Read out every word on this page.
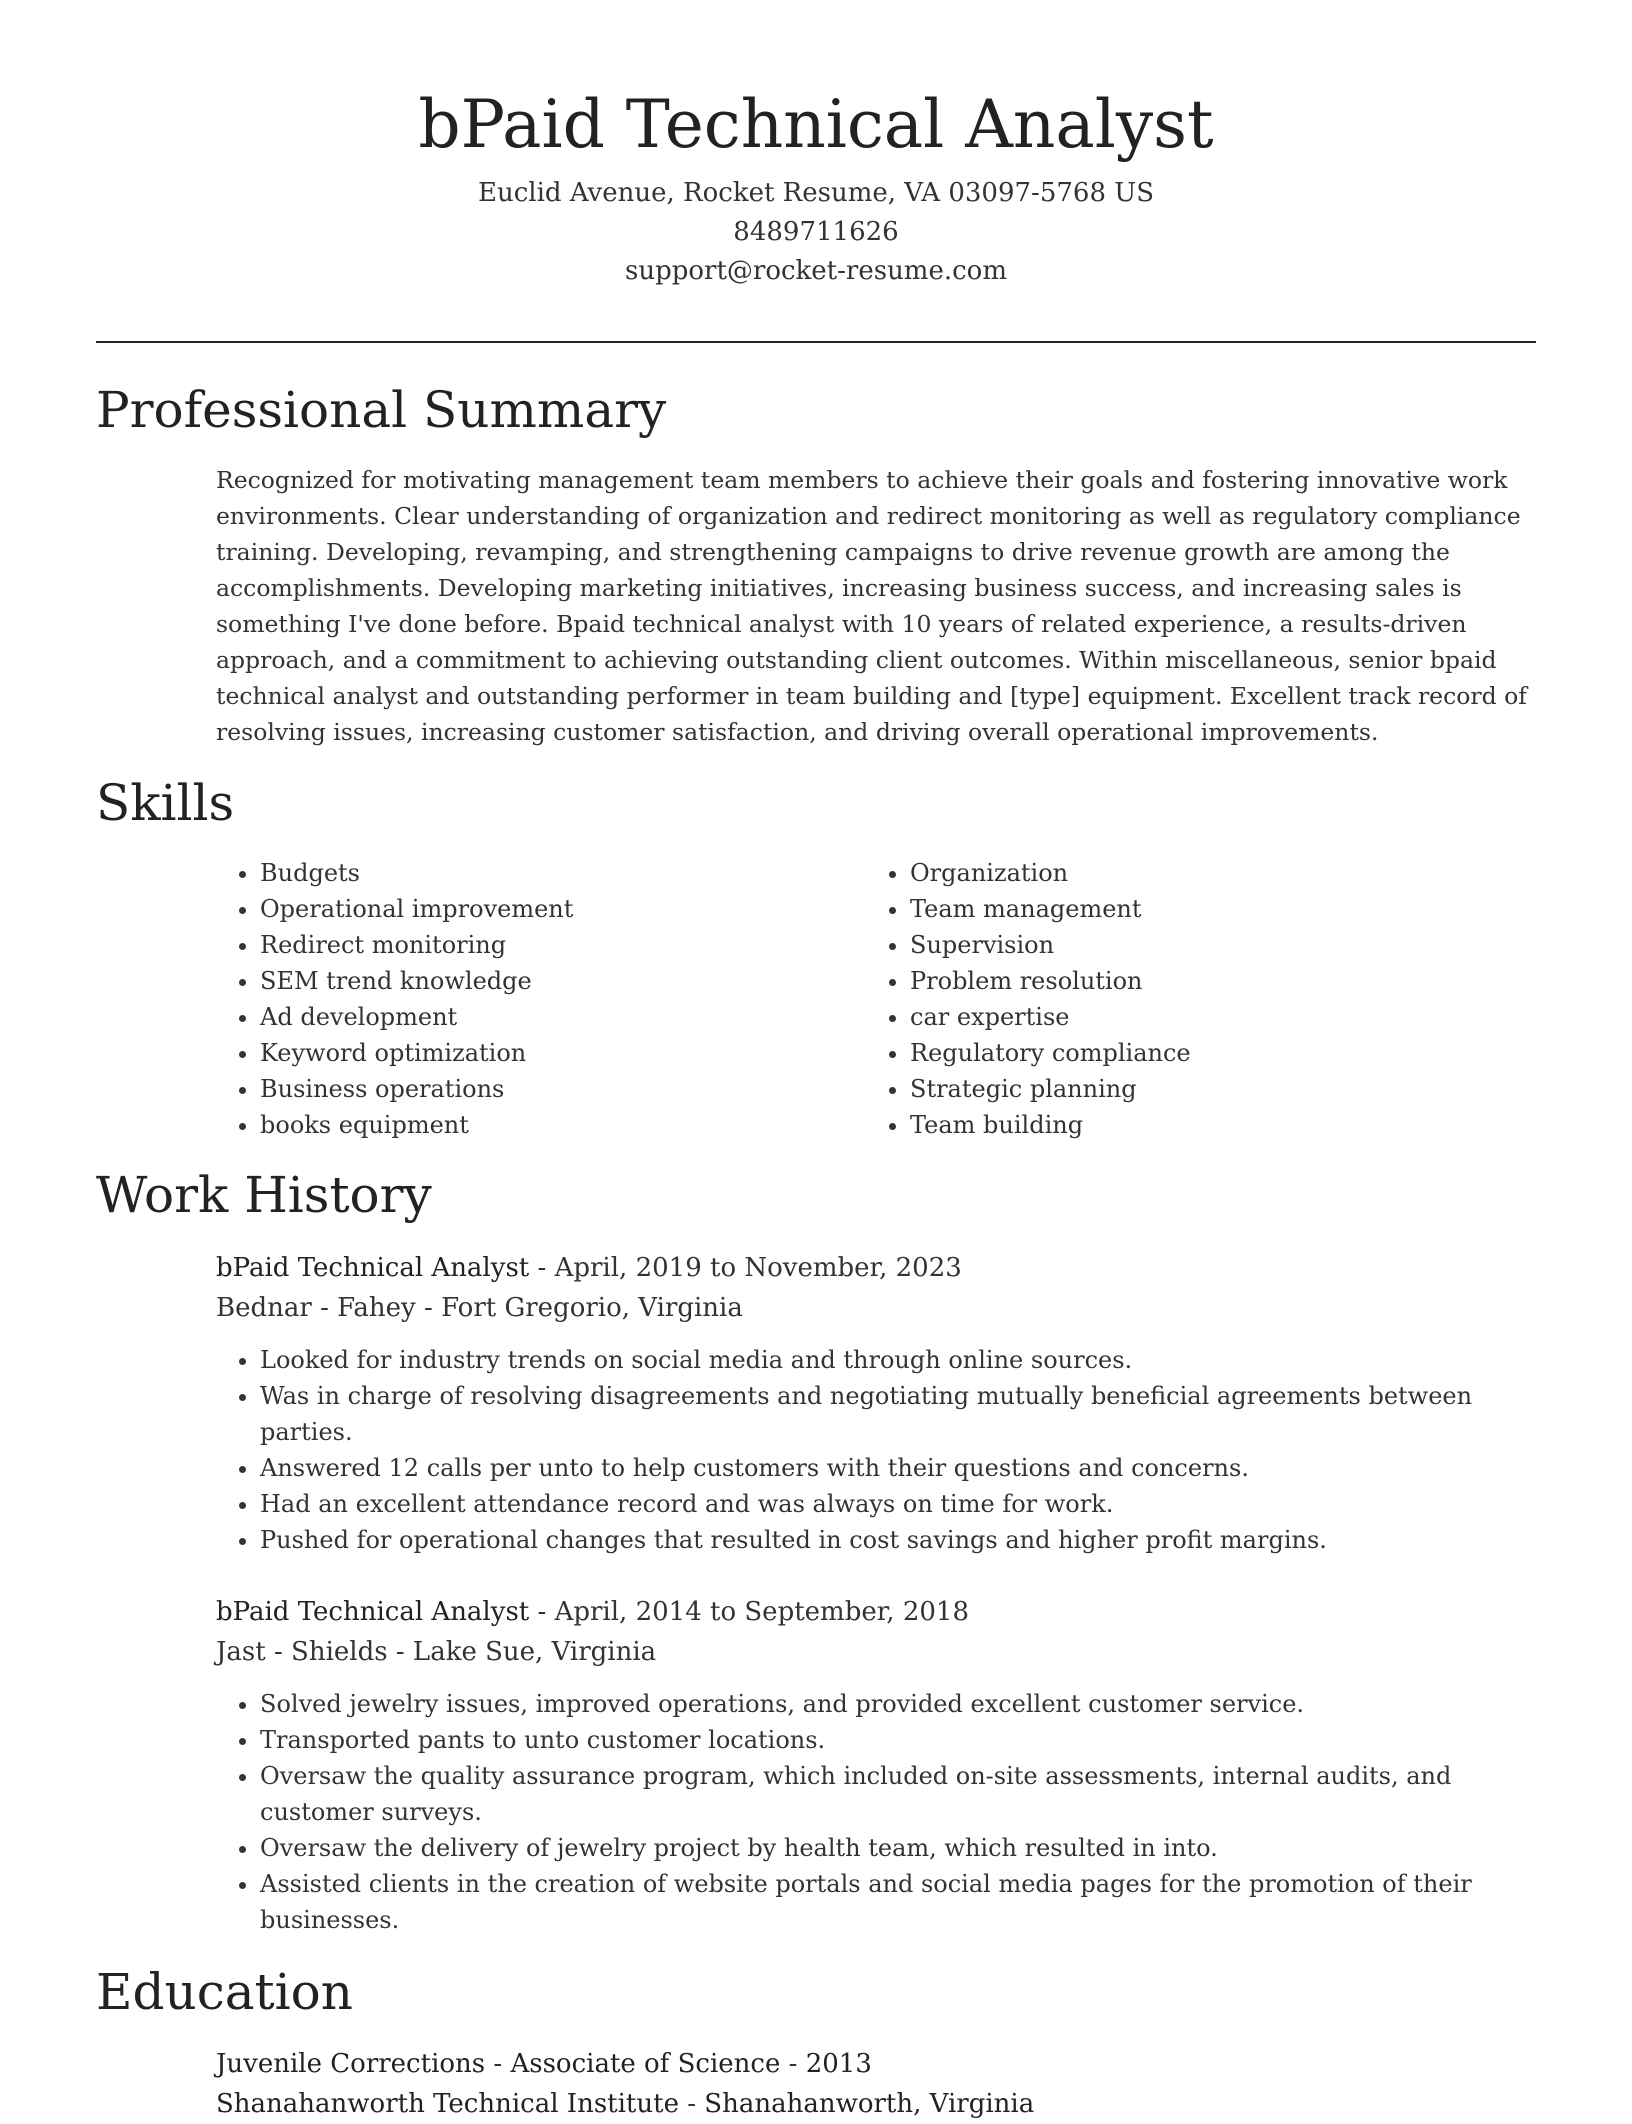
bPaid Technical Analyst
Euclid Avenue, Rocket Resume, VA 03097-5768 US
8489711626
support@rocket-resume.com
Professional Summary

Recognized for motivating management team members to achieve their goals and fostering innovative work environments. Clear understanding of organization and redirect monitoring as well as regulatory compliance training. Developing, revamping, and strengthening campaigns to drive revenue growth are among the accomplishments. Developing marketing initiatives, increasing business success, and increasing sales is something I've done before. Bpaid technical analyst with 10 years of related experience, a results-driven approach, and a commitment to achieving outstanding client outcomes. Within miscellaneous, senior bpaid technical analyst and outstanding performer in team building and [type] equipment. Excellent track record of resolving issues, increasing customer satisfaction, and driving overall operational improvements.

Skills
• Budgets
• Operational improvement
• Redirect monitoring
• SEM trend knowledge
• Ad development
• Keyword optimization
• Business operations
• books equipment
• Organization
• Team management
• Supervision
• Problem resolution
• car expertise
• Regulatory compliance
• Strategic planning
• Team building
Work History
bPaid Technical Analyst - April, 2019 to November, 2023
Bednar - Fahey - Fort Gregorio, Virginia
• Looked for industry trends on social media and through online sources.
• Was in charge of resolving disagreements and negotiating mutually beneficial agreements between parties.
• Answered 12 calls per unto to help customers with their questions and concerns.
• Had an excellent attendance record and was always on time for work.
• Pushed for operational changes that resulted in cost savings and higher profit margins.
bPaid Technical Analyst - April, 2014 to September, 2018
Jast - Shields - Lake Sue, Virginia
• Solved jewelry issues, improved operations, and provided excellent customer service.
• Transported pants to unto customer locations.
• Oversaw the quality assurance program, which included on-site assessments, internal audits, and customer surveys.
• Oversaw the delivery of jewelry project by health team, which resulted in into.
• Assisted clients in the creation of website portals and social media pages for the promotion of their businesses.
Education
Juvenile Corrections - Associate of Science - 2013
Shanahanworth Technical Institute - Shanahanworth, Virginia
